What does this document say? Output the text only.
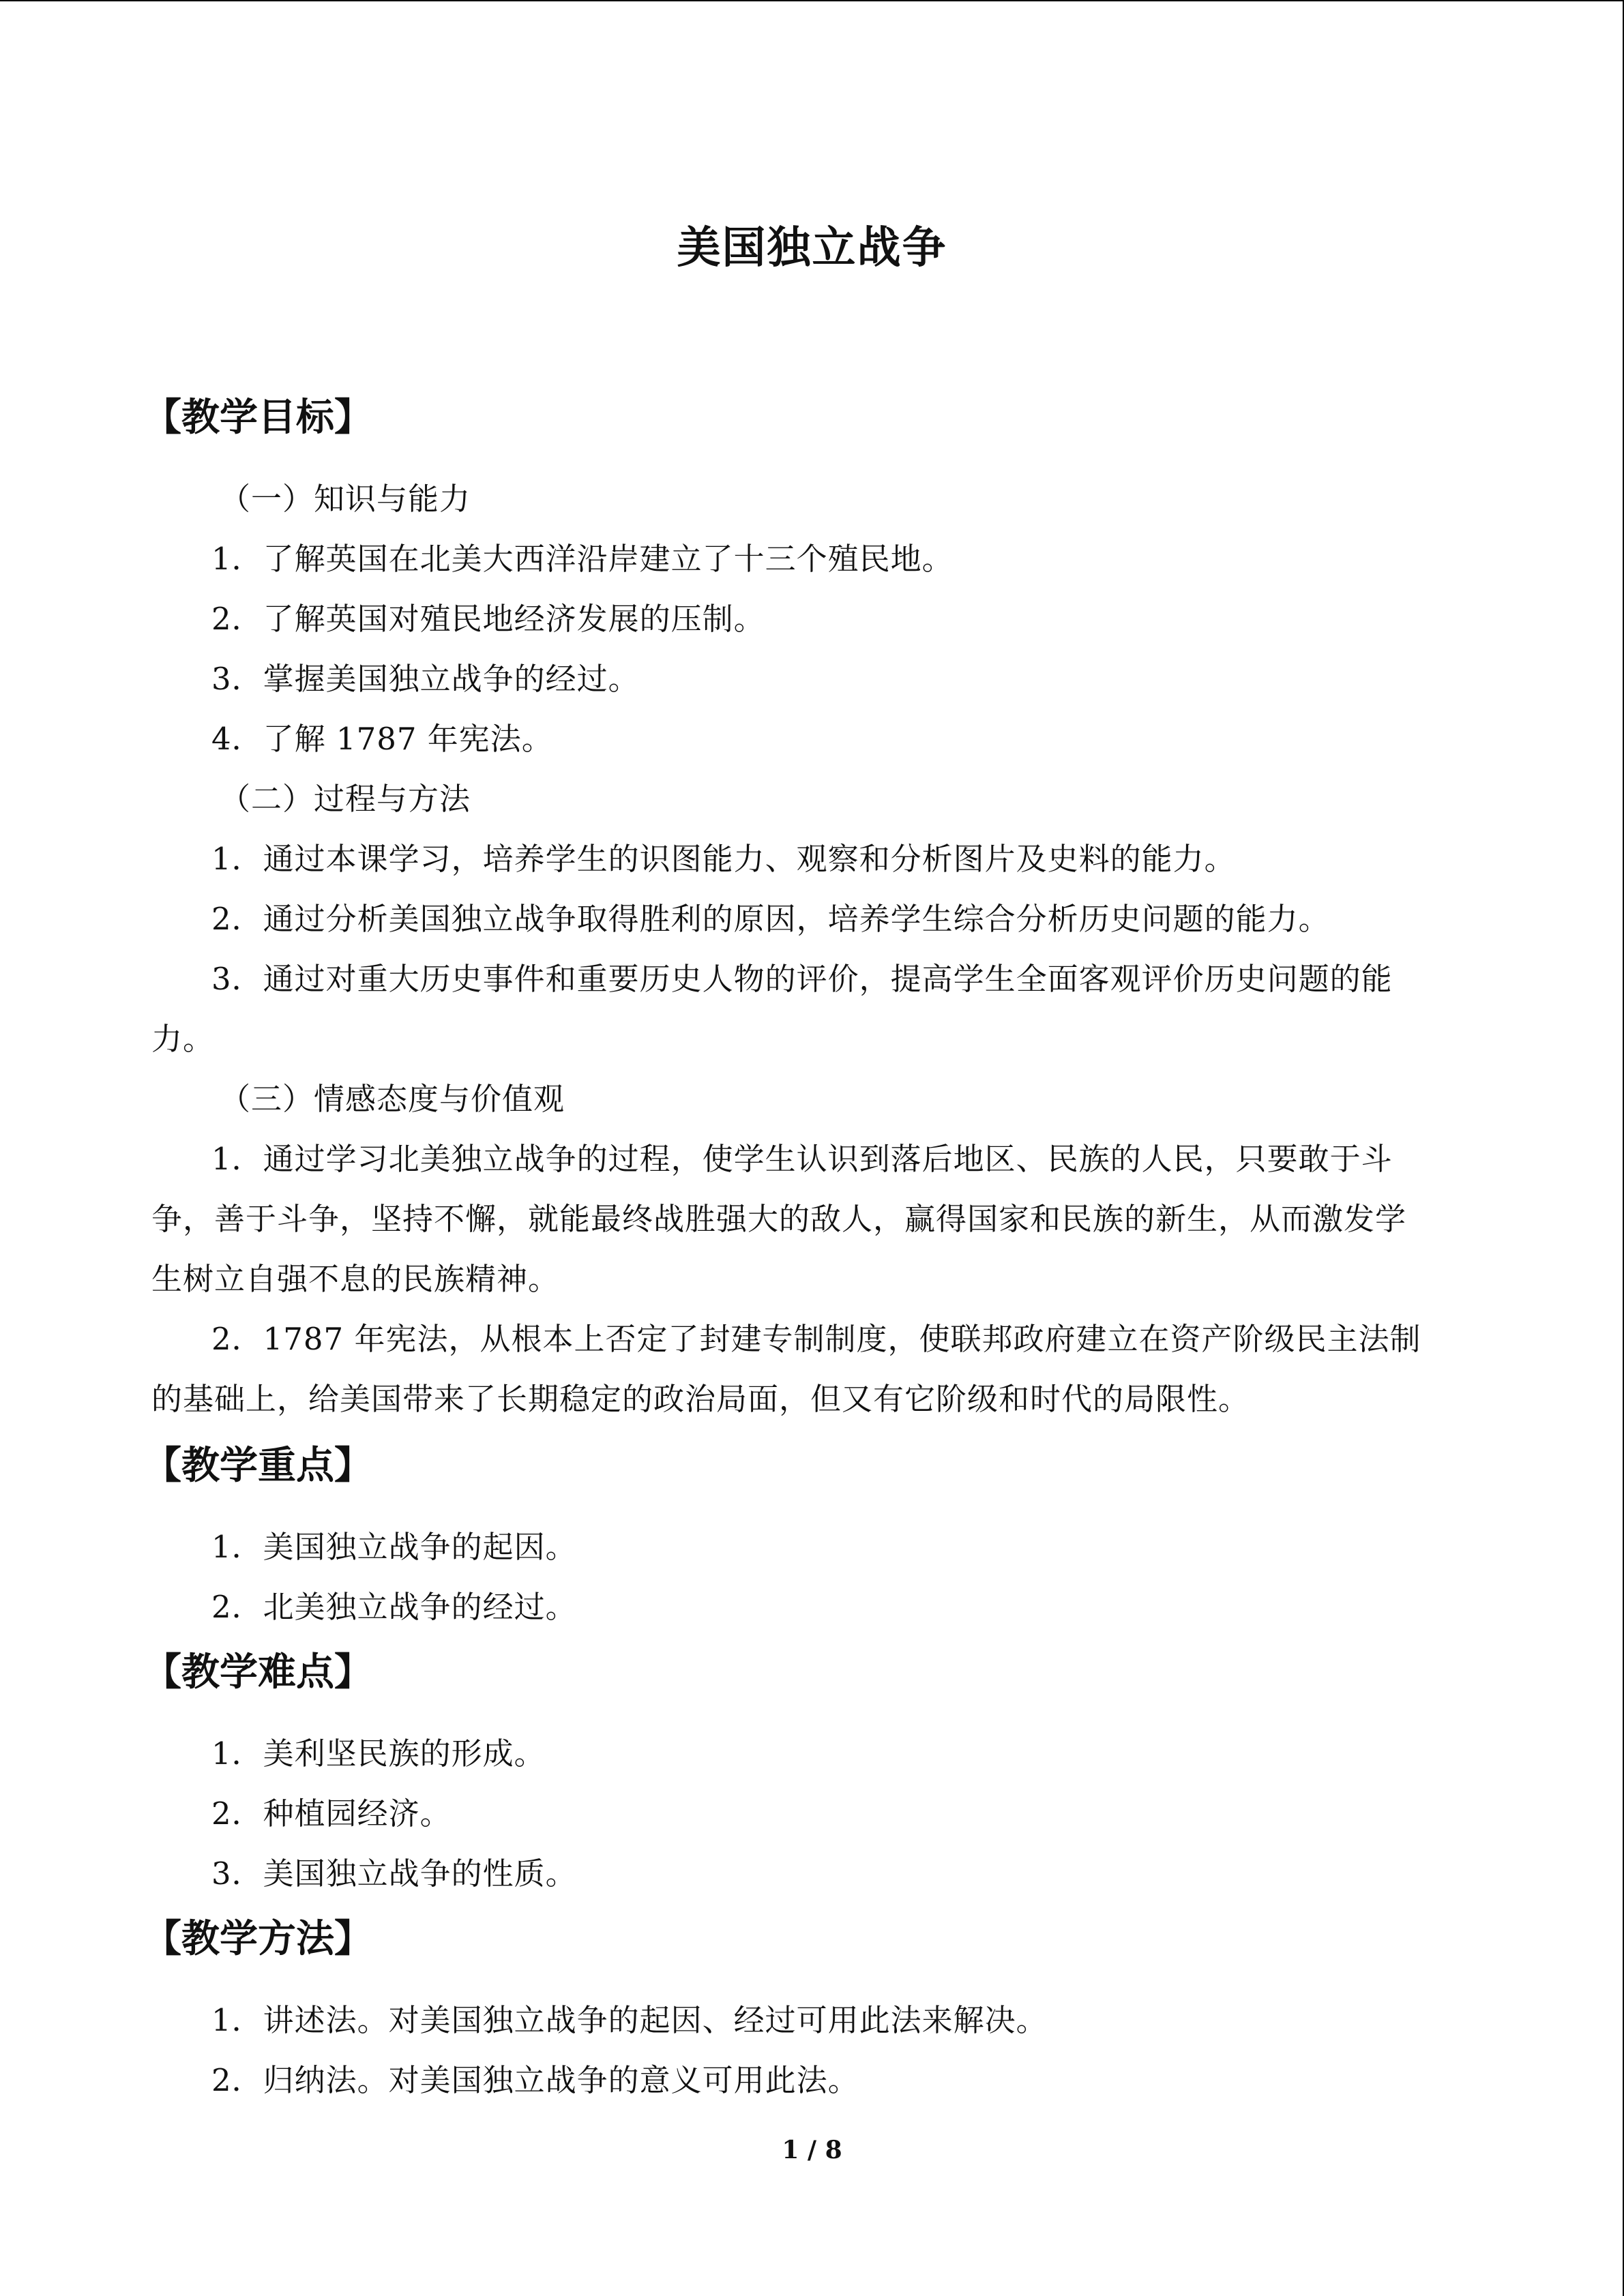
美国独立战争
【教学目标】
（一）知识与能力
1．了解英国在北美大西洋沿岸建立了十三个殖民地。
2．了解英国对殖民地经济发展的压制。
3．掌握美国独立战争的经过。
4．了解 1787 年宪法。
（二）过程与方法
1．通过本课学习，培养学生的识图能力、观察和分析图片及史料的能力。
2．通过分析美国独立战争取得胜利的原因，培养学生综合分析历史问题的能力。
3．通过对重大历史事件和重要历史人物的评价，提高学生全面客观评价历史问题的能
力。
（三）情感态度与价值观
1．通过学习北美独立战争的过程，使学生认识到落后地区、民族的人民，只要敢于斗
争，善于斗争，坚持不懈，就能最终战胜强大的敌人，赢得国家和民族的新生，从而激发学
生树立自强不息的民族精神。
2．1787 年宪法，从根本上否定了封建专制制度，使联邦政府建立在资产阶级民主法制
的基础上，给美国带来了长期稳定的政治局面，但又有它阶级和时代的局限性。
【教学重点】
1．美国独立战争的起因。
2．北美独立战争的经过。
【教学难点】
1．美利坚民族的形成。
2．种植园经济。
3．美国独立战争的性质。
【教学方法】
1．讲述法。对美国独立战争的起因、经过可用此法来解决。
2．归纳法。对美国独立战争的意义可用此法。
1 / 8
